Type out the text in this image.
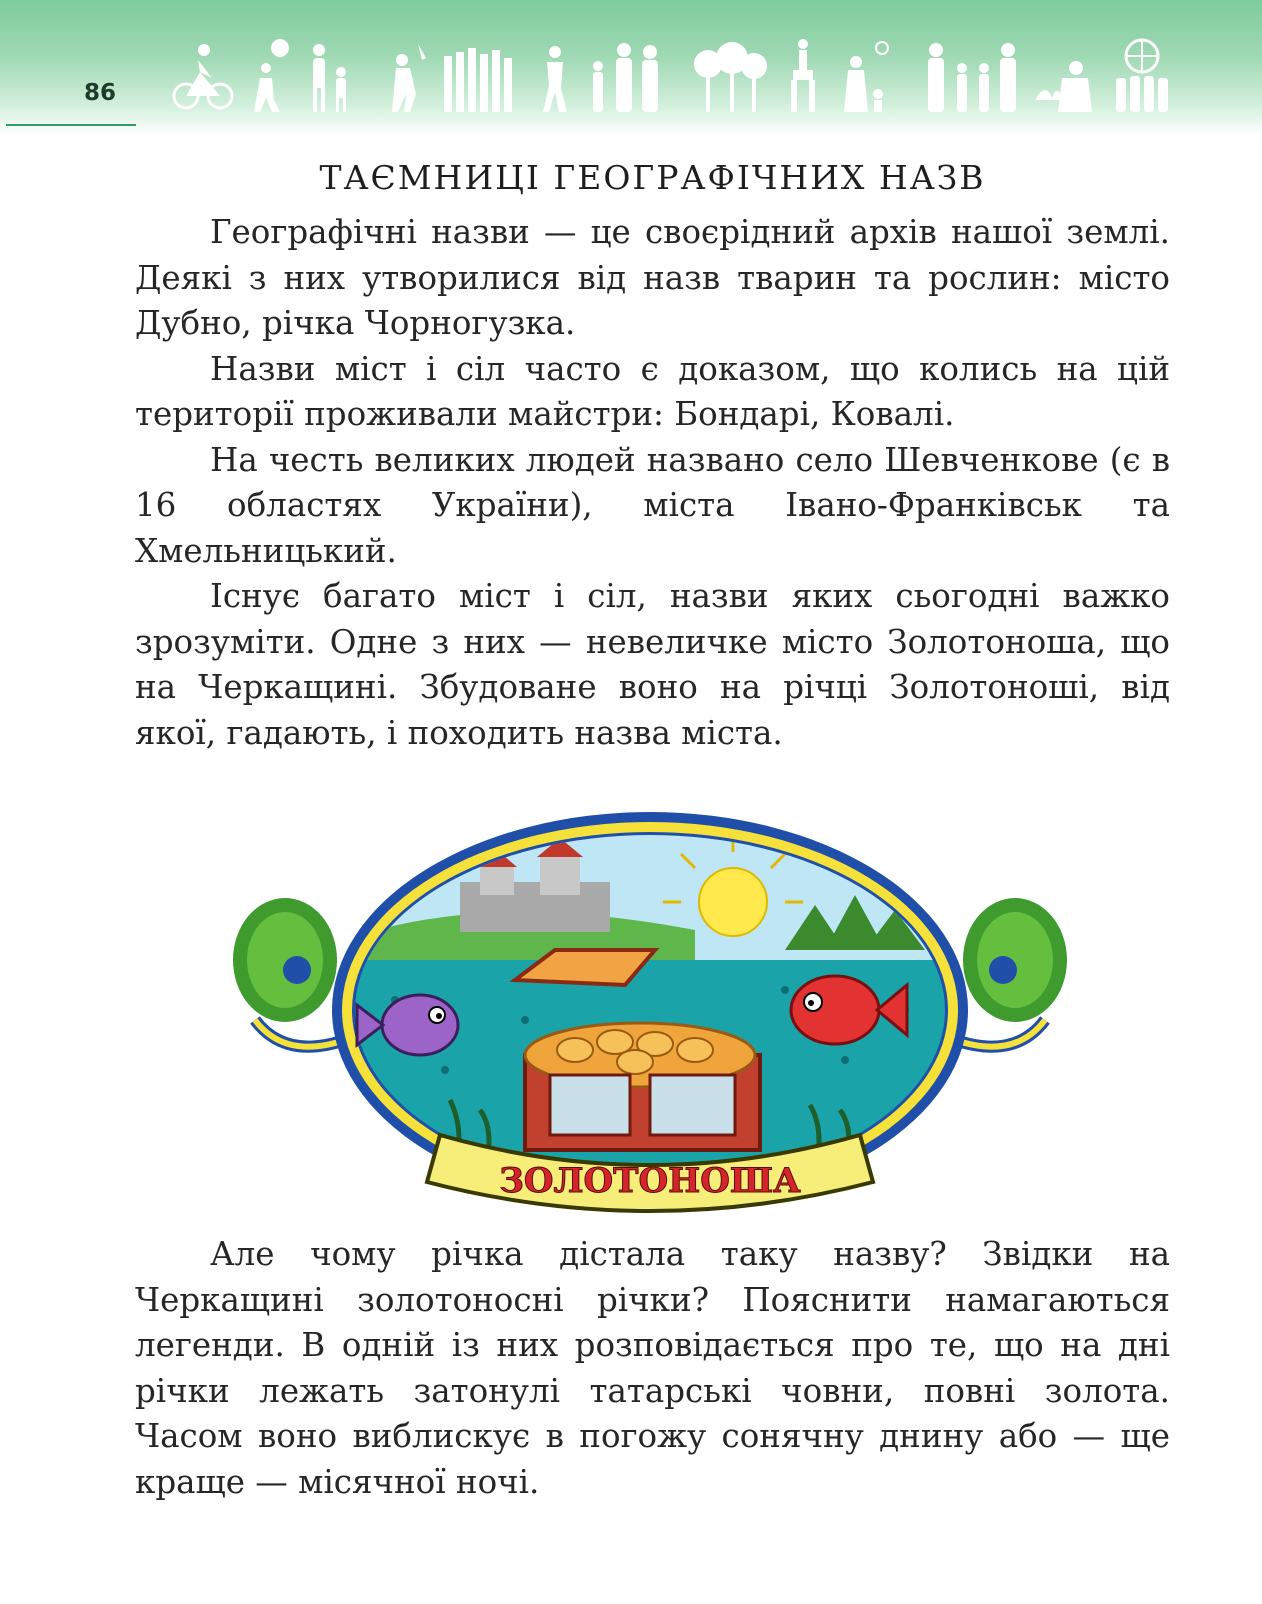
86
ТАЄМНИЦІ ГЕОГРАФІЧНИХ НАЗВ

Географічні назви — це своєрідний архів нашої землі. Деякі з них утворилися від назв тварин та рослин: місто Дубно, річка Чорногузка.

Назви міст і сіл часто є доказом, що колись на цій території проживали майстри: Бондарі, Ковалі.

На честь великих людей названо село Шевченкове (є в 16 областях України), міста Івано-Франківськ та Хмельницький.

Існує багато міст і сіл, назви яких сьогодні важко зрозуміти. Одне з них — невеличке місто Золотоноша, що на Черкащині. Збудоване воно на річці Золотоноші, від якої, гадають, і походить назва міста.

ЗОЛОТОНОША

Але чому річка дістала таку назву? Звідки на Черкащині золотоносні річки? Пояснити намагаються легенди. В одній із них розповідається про те, що на дні річки лежать затонулі татарські човни, повні золота. Часом воно виблискує в погожу сонячну днину або — ще краще — місячної ночі.
